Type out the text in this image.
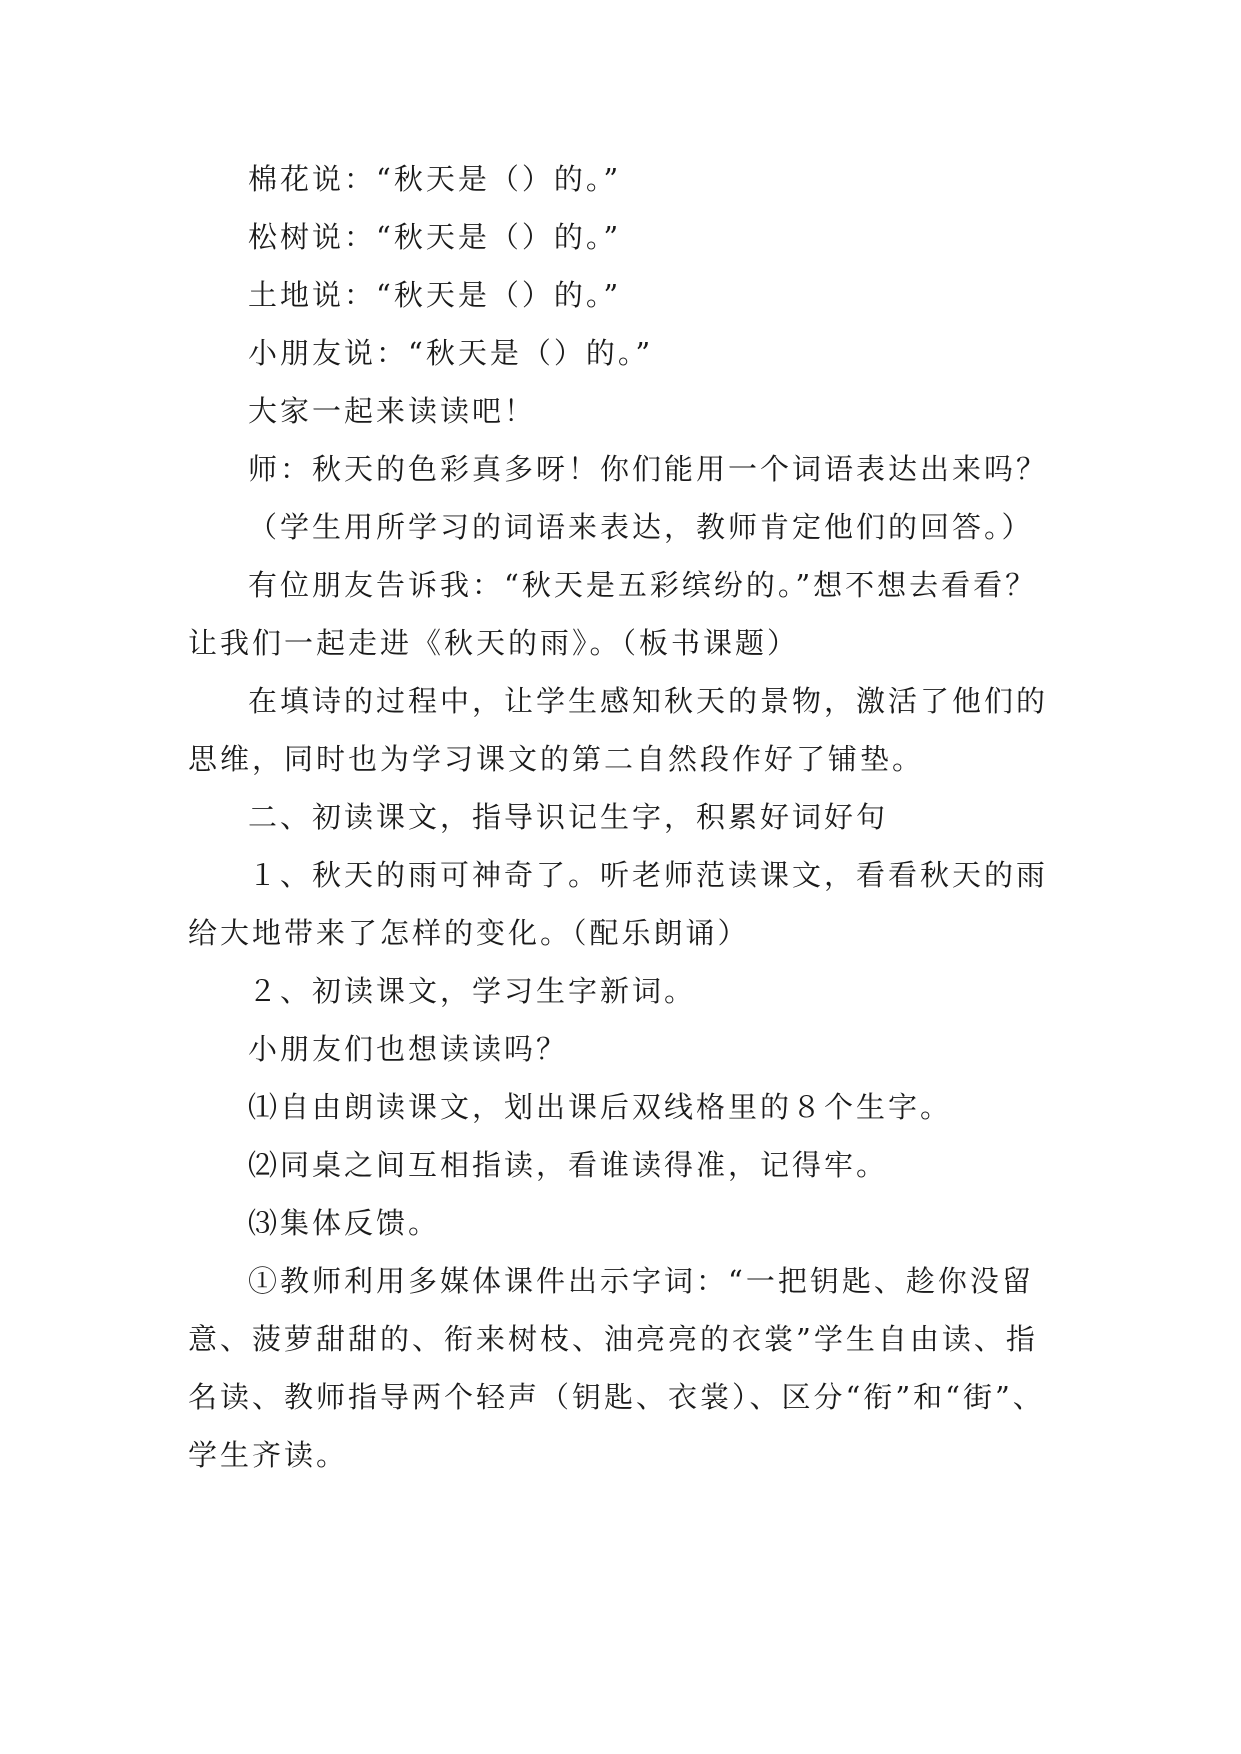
棉花说：“秋天是（）的。”

松树说：“秋天是（）的。”

土地说：“秋天是（）的。”

小朋友说：“秋天是（）的。”

大家一起来读读吧！

师：秋天的色彩真多呀！你们能用一个词语表达出来吗？

（学生用所学习的词语来表达，教师肯定他们的回答。）

有位朋友告诉我：“秋天是五彩缤纷的。”想不想去看看？让我们一起走进《秋天的雨》。（板书课题）

在填诗的过程中，让学生感知秋天的景物，激活了他们的思维，同时也为学习课文的第二自然段作好了铺垫。

二、初读课文，指导识记生字，积累好词好句

１、秋天的雨可神奇了。听老师范读课文，看看秋天的雨给大地带来了怎样的变化。（配乐朗诵）

２、初读课文，学习生字新词。

小朋友们也想读读吗？

⑴自由朗读课文，划出课后双线格里的８个生字。

⑵同桌之间互相指读，看谁读得准，记得牢。

⑶集体反馈。

①教师利用多媒体课件出示字词：“一把钥匙、趁你没留意、菠萝甜甜的、衔来树枝、油亮亮的衣裳”学生自由读、指名读、教师指导两个轻声（钥匙、衣裳）、区分“衔”和“街”、学生齐读。
